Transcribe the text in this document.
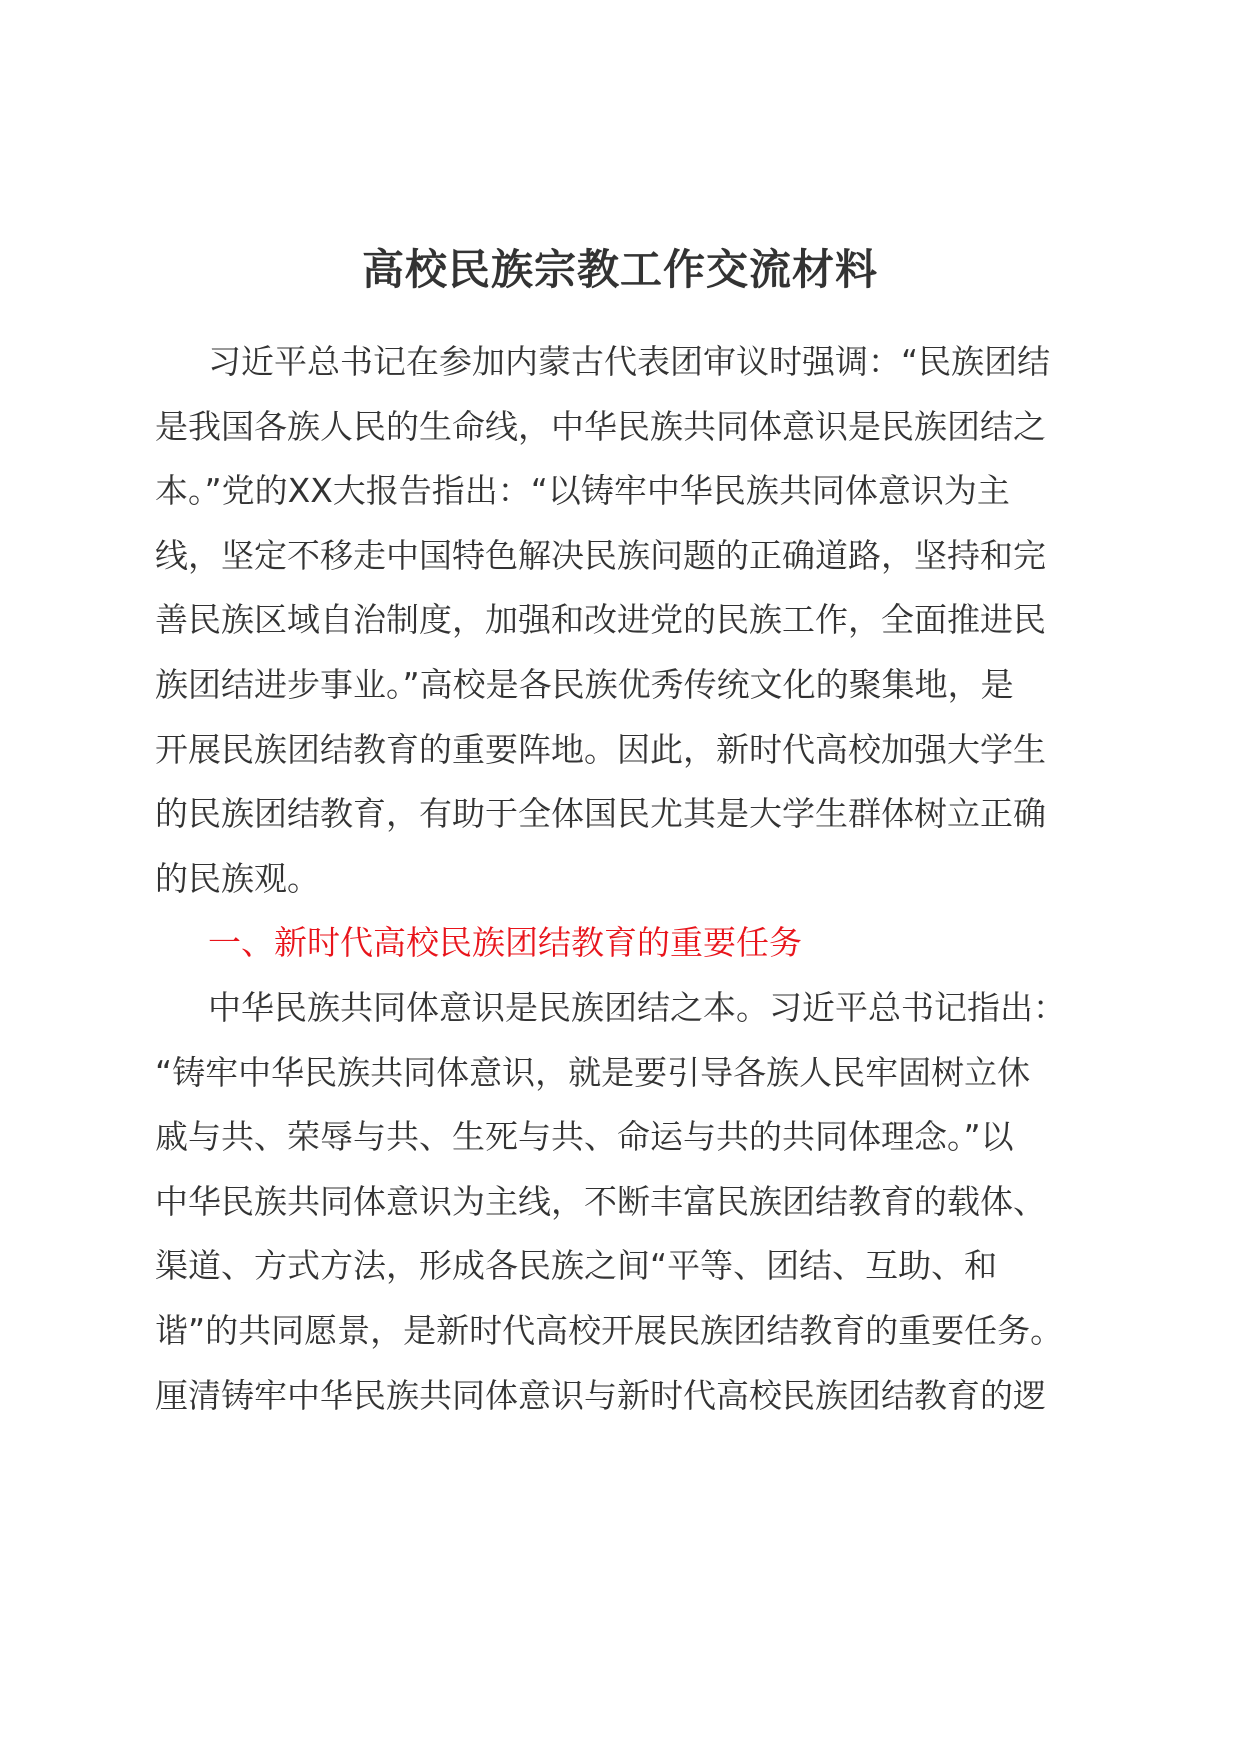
高校民族宗教工作交流材料
习近平总书记在参加内蒙古代表团审议时强调：“民族团结
是我国各族人民的生命线，中华民族共同体意识是民族团结之
本。”党的XX大报告指出：“以铸牢中华民族共同体意识为主
线，坚定不移走中国特色解决民族问题的正确道路，坚持和完
善民族区域自治制度，加强和改进党的民族工作，全面推进民
族团结进步事业。”高校是各民族优秀传统文化的聚集地，是
开展民族团结教育的重要阵地。因此，新时代高校加强大学生
的民族团结教育，有助于全体国民尤其是大学生群体树立正确
的民族观。
一、新时代高校民族团结教育的重要任务
中华民族共同体意识是民族团结之本。习近平总书记指出：
“铸牢中华民族共同体意识，就是要引导各族人民牢固树立休
戚与共、荣辱与共、生死与共、命运与共的共同体理念。”以
中华民族共同体意识为主线，不断丰富民族团结教育的载体、
渠道、方式方法，形成各民族之间“平等、团结、互助、和
谐”的共同愿景，是新时代高校开展民族团结教育的重要任务。
厘清铸牢中华民族共同体意识与新时代高校民族团结教育的逻
